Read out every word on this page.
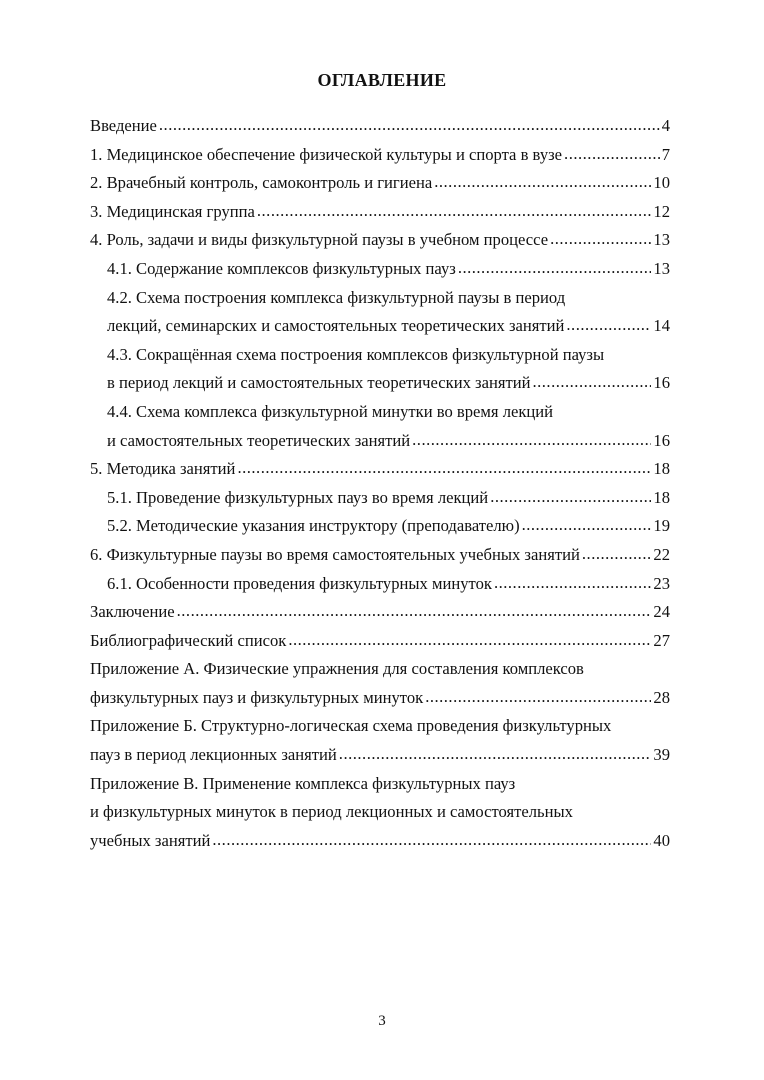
ОГЛАВЛЕНИЕ
Введение .....	4
1. Медицинское обеспечение физической культуры и спорта в вузе .....	7
2. Врачебный контроль, самоконтроль и гигиена .....	10
3. Медицинская группа .....	12
4. Роль, задачи и виды физкультурной паузы в учебном процессе .....	13
4.1. Содержание комплексов физкультурных пауз .....	13
4.2. Схема построения комплекса физкультурной паузы в период
лекций, семинарских и самостоятельных теоретических занятий .....	14
4.3. Сокращённая схема построения комплексов физкультурной паузы
в период лекций и самостоятельных теоретических занятий .....	16
4.4. Схема комплекса физкультурной минутки во время лекций
и самостоятельных теоретических занятий .....	16
5. Методика занятий .....	18
5.1. Проведение физкультурных пауз во время лекций .....	18
5.2. Методические указания инструктору (преподавателю) .....	19
6. Физкультурные паузы во время самостоятельных учебных занятий .....	22
6.1. Особенности проведения физкультурных минуток .....	23
Заключение .....	24
Библиографический список .....	27
Приложение А. Физические упражнения для составления комплексов
физкультурных пауз и физкультурных минуток .....	28
Приложение Б. Структурно-логическая схема проведения физкультурных
пауз в период лекционных занятий .....	39
Приложение В. Применение комплекса физкультурных пауз
и физкультурных минуток в период лекционных и самостоятельных
учебных занятий .....	40
3
